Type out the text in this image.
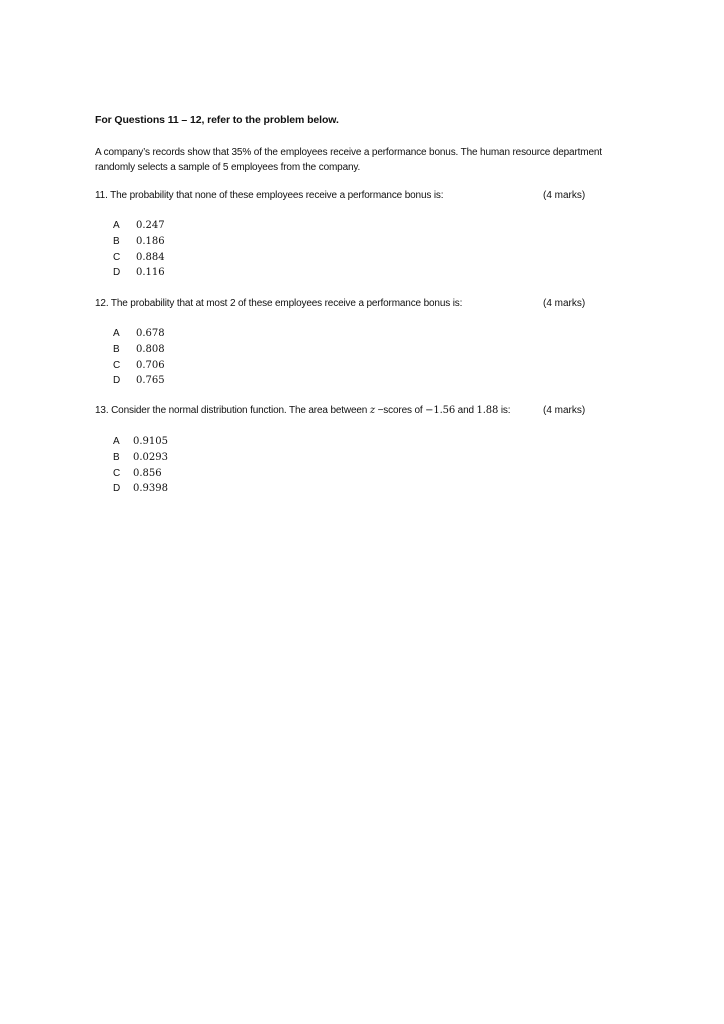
For Questions 11 – 12, refer to the problem below.
A company’s records show that 35% of the employees receive a performance bonus. The human resource department
randomly selects a sample of 5 employees from the company.
11. The probability that none of these employees receive a performance bonus is:	(4 marks)
A	0.247
B	0.186
C	0.884
D	0.116
12. The probability that at most 2 of these employees receive a performance bonus is:	(4 marks)
A	0.678
B	0.808
C	0.706
D	0.765
13. Consider the normal distribution function. The area between z −scores of −1.56 and 1.88 is:	(4 marks)
A	0.9105
B	0.0293
C	0.856
D	0.9398
